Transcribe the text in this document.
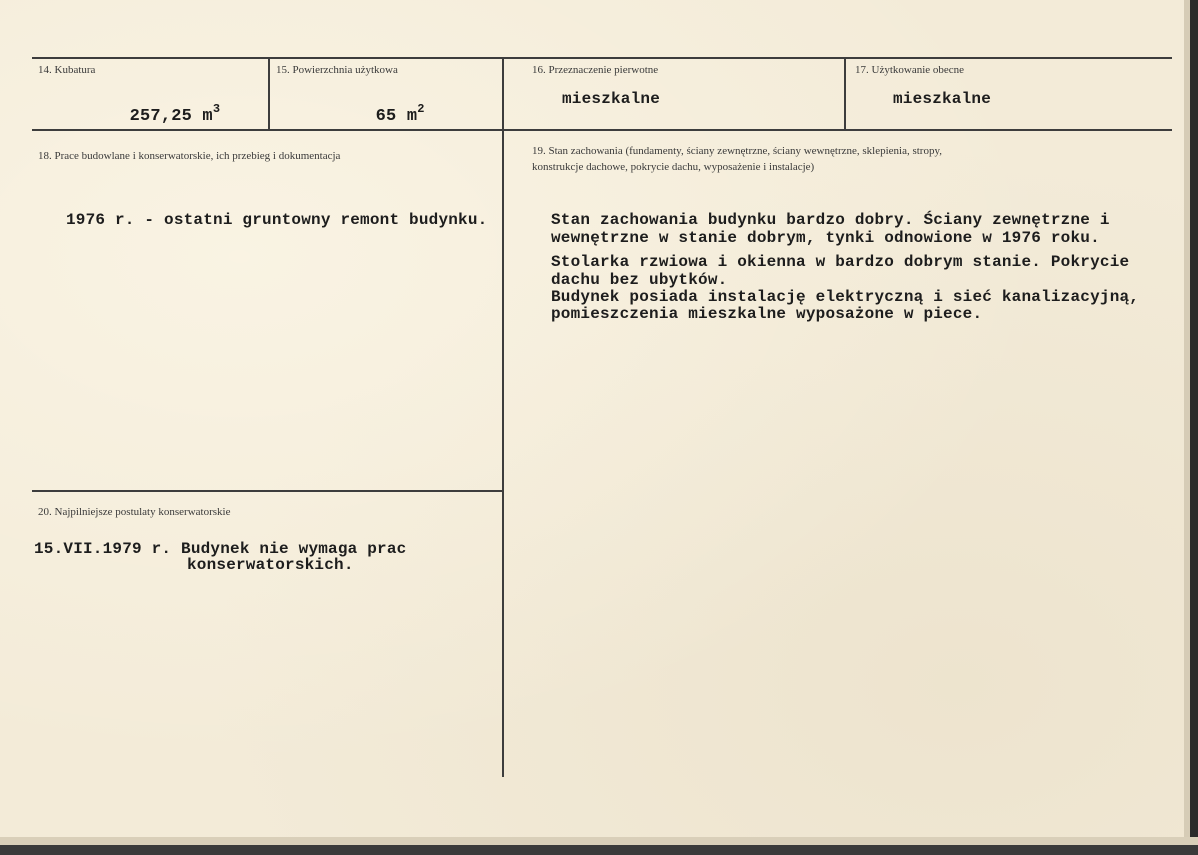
14. Kubatura

257,25 $m^3$

15. Powierzchnia użytkowa

65 $m^2$

16. Przeznaczenie pierwotne
mieszkalne
17. Użytkowanie obecne
mieszkalne
18. Prace budowlane i konserwatorskie, ich przebieg i dokumentacja
1976 r. - ostatni gruntowny remont budynku.
19. Stan zachowania (fundamenty, ściany zewnętrzne, ściany wewnętrzne, sklepienia, stropy,
konstrukcje dachowe, pokrycie dachu, wyposażenie i instalacje)
Stan zachowania budynku bardzo dobry. Ściany zewnętrzne i
wewnętrzne w stanie dobrym, tynki odnowione w 1976 roku.
Stolarka rzwiowa i okienna w bardzo dobrym stanie. Pokrycie
dachu bez ubytków.
Budynek posiada instalację elektryczną i sieć kanalizacyjną,
pomieszczenia mieszkalne wyposażone w piece.
20. Najpilniejsze postulaty konserwatorskie
15.VII.1979 r. Budynek nie wymaga prac
konserwatorskich.
